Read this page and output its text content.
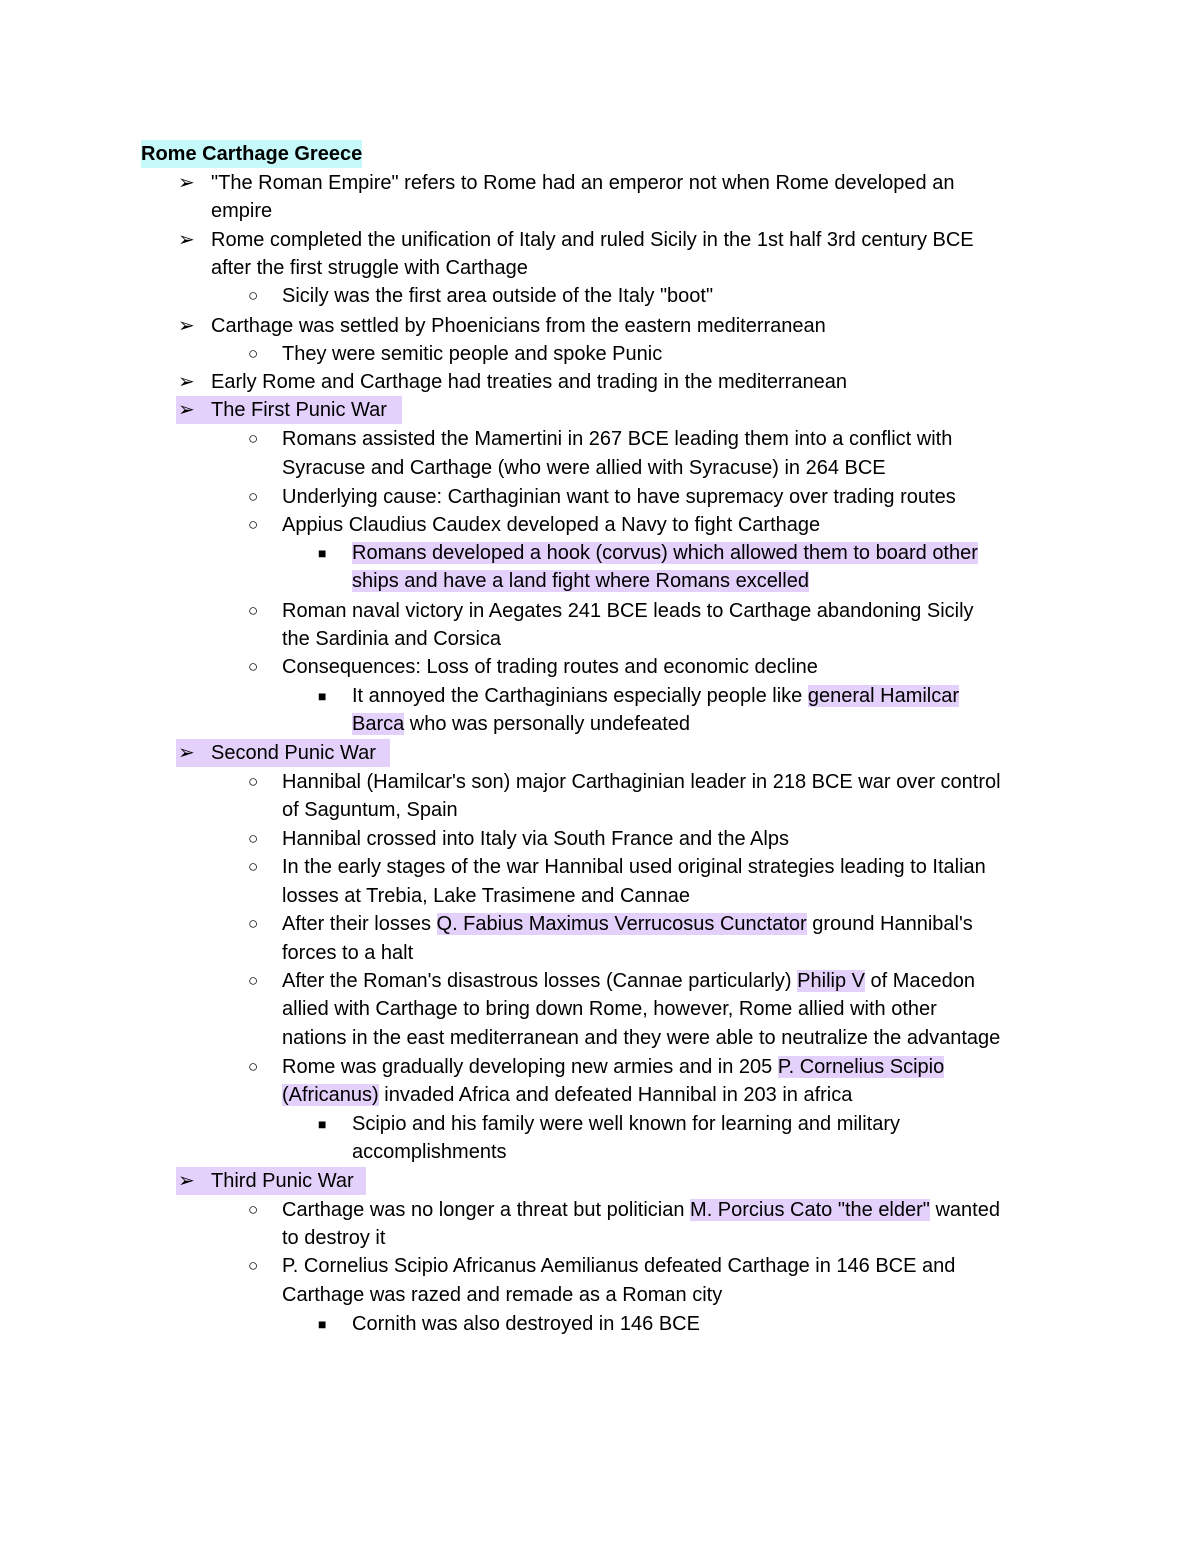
Rome Carthage Greece
➢ "The Roman Empire" refers to Rome had an emperor not when Rome developed an
empire
➢ Rome completed the unification of Italy and ruled Sicily in the 1st half 3rd century BCE
after the first struggle with Carthage
○ Sicily was the first area outside of the Italy "boot"
➢ Carthage was settled by Phoenicians from the eastern mediterranean
○ They were semitic people and spoke Punic
➢ Early Rome and Carthage had treaties and trading in the mediterranean
➢ The First Punic War
○ Romans assisted the Mamertini in 267 BCE leading them into a conflict with
Syracuse and Carthage (who were allied with Syracuse) in 264 BCE
○ Underlying cause: Carthaginian want to have supremacy over trading routes
○ Appius Claudius Caudex developed a Navy to fight Carthage
■ Romans developed a hook (corvus) which allowed them to board other
ships and have a land fight where Romans excelled
○ Roman naval victory in Aegates 241 BCE leads to Carthage abandoning Sicily
the Sardinia and Corsica
○ Consequences: Loss of trading routes and economic decline
■ It annoyed the Carthaginians especially people like general Hamilcar
Barca who was personally undefeated
➢ Second Punic War
○ Hannibal (Hamilcar's son) major Carthaginian leader in 218 BCE war over control
of Saguntum, Spain
○ Hannibal crossed into Italy via South France and the Alps
○ In the early stages of the war Hannibal used original strategies leading to Italian
losses at Trebia, Lake Trasimene and Cannae
○ After their losses Q. Fabius Maximus Verrucosus Cunctator ground Hannibal's
forces to a halt
○ After the Roman's disastrous losses (Cannae particularly) Philip V of Macedon
allied with Carthage to bring down Rome, however, Rome allied with other
nations in the east mediterranean and they were able to neutralize the advantage
○ Rome was gradually developing new armies and in 205 P. Cornelius Scipio
(Africanus) invaded Africa and defeated Hannibal in 203 in africa
■ Scipio and his family were well known for learning and military
accomplishments
➢ Third Punic War
○ Carthage was no longer a threat but politician M. Porcius Cato "the elder" wanted
to destroy it
○ P. Cornelius Scipio Africanus Aemilianus defeated Carthage in 146 BCE and
Carthage was razed and remade as a Roman city
■ Cornith was also destroyed in 146 BCE
